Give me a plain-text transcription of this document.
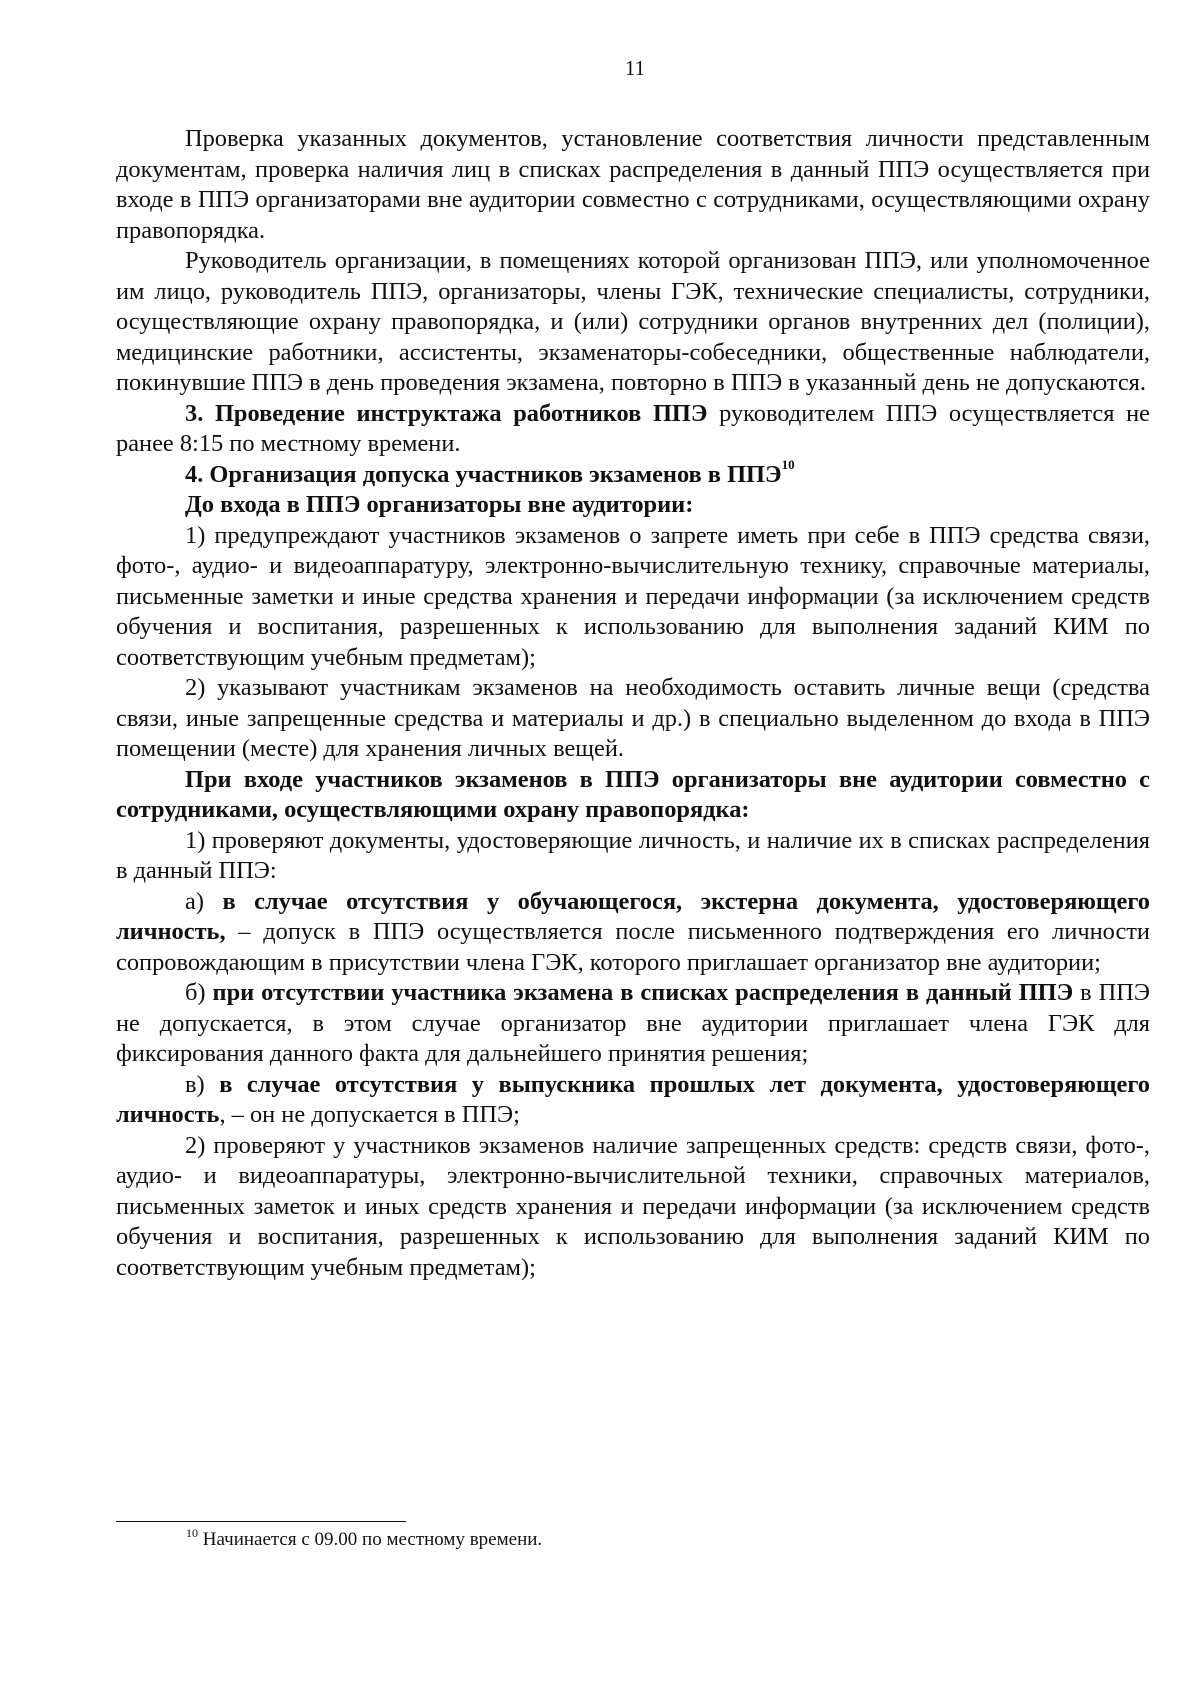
11

Проверка указанных документов, установление соответствия личности представленным документам, проверка наличия лиц в списках распределения в данный ППЭ осуществляется при входе в ППЭ организаторами вне аудитории совместно с сотрудниками, осуществляющими охрану правопорядка.

Руководитель организации, в помещениях которой организован ППЭ, или уполномоченное им лицо, руководитель ППЭ, организаторы, члены ГЭК, технические специалисты, сотрудники, осуществляющие охрану правопорядка, и (или) сотрудники органов внутренних дел (полиции), медицинские работники, ассистенты, экзаменаторы-собеседники, общественные наблюдатели, покинувшие ППЭ в день проведения экзамена, повторно в ППЭ в указанный день не допускаются.

3. Проведение инструктажа работников ППЭ руководителем ППЭ осуществляется не ранее 8:15 по местному времени.

4. Организация допуска участников экзаменов в ППЭ$^{10}$

До входа в ППЭ организаторы вне аудитории:

1) предупреждают участников экзаменов о запрете иметь при себе в ППЭ средства связи, фото-, аудио- и видеоаппаратуру, электронно-вычислительную технику, справочные материалы, письменные заметки и иные средства хранения и передачи информации (за исключением средств обучения и воспитания, разрешенных к использованию для выполнения заданий КИМ по соответствующим учебным предметам);

2) указывают участникам экзаменов на необходимость оставить личные вещи (средства связи, иные запрещенные средства и материалы и др.) в специально выделенном до входа в ППЭ помещении (месте) для хранения личных вещей.

При входе участников экзаменов в ППЭ организаторы вне аудитории совместно с сотрудниками, осуществляющими охрану правопорядка:

1) проверяют документы, удостоверяющие личность, и наличие их в списках распределения в данный ППЭ:

а) в случае отсутствия у обучающегося, экстерна документа, удостоверяющего личность, – допуск в ППЭ осуществляется после письменного подтверждения его личности сопровождающим в присутствии члена ГЭК, которого приглашает организатор вне аудитории;

б) при отсутствии участника экзамена в списках распределения в данный ППЭ в ППЭ не допускается, в этом случае организатор вне аудитории приглашает члена ГЭК для фиксирования данного факта для дальнейшего принятия решения;

в) в случае отсутствия у выпускника прошлых лет документа, удостоверяющего личность, – он не допускается в ППЭ;

2) проверяют у участников экзаменов наличие запрещенных средств: средств связи, фото-, аудио- и видеоаппаратуры, электронно-вычислительной техники, справочных материалов, письменных заметок и иных средств хранения и передачи информации (за исключением средств обучения и воспитания, разрешенных к использованию для выполнения заданий КИМ по соответствующим учебным предметам);

$^{10}$ Начинается с 09.00 по местному времени.
